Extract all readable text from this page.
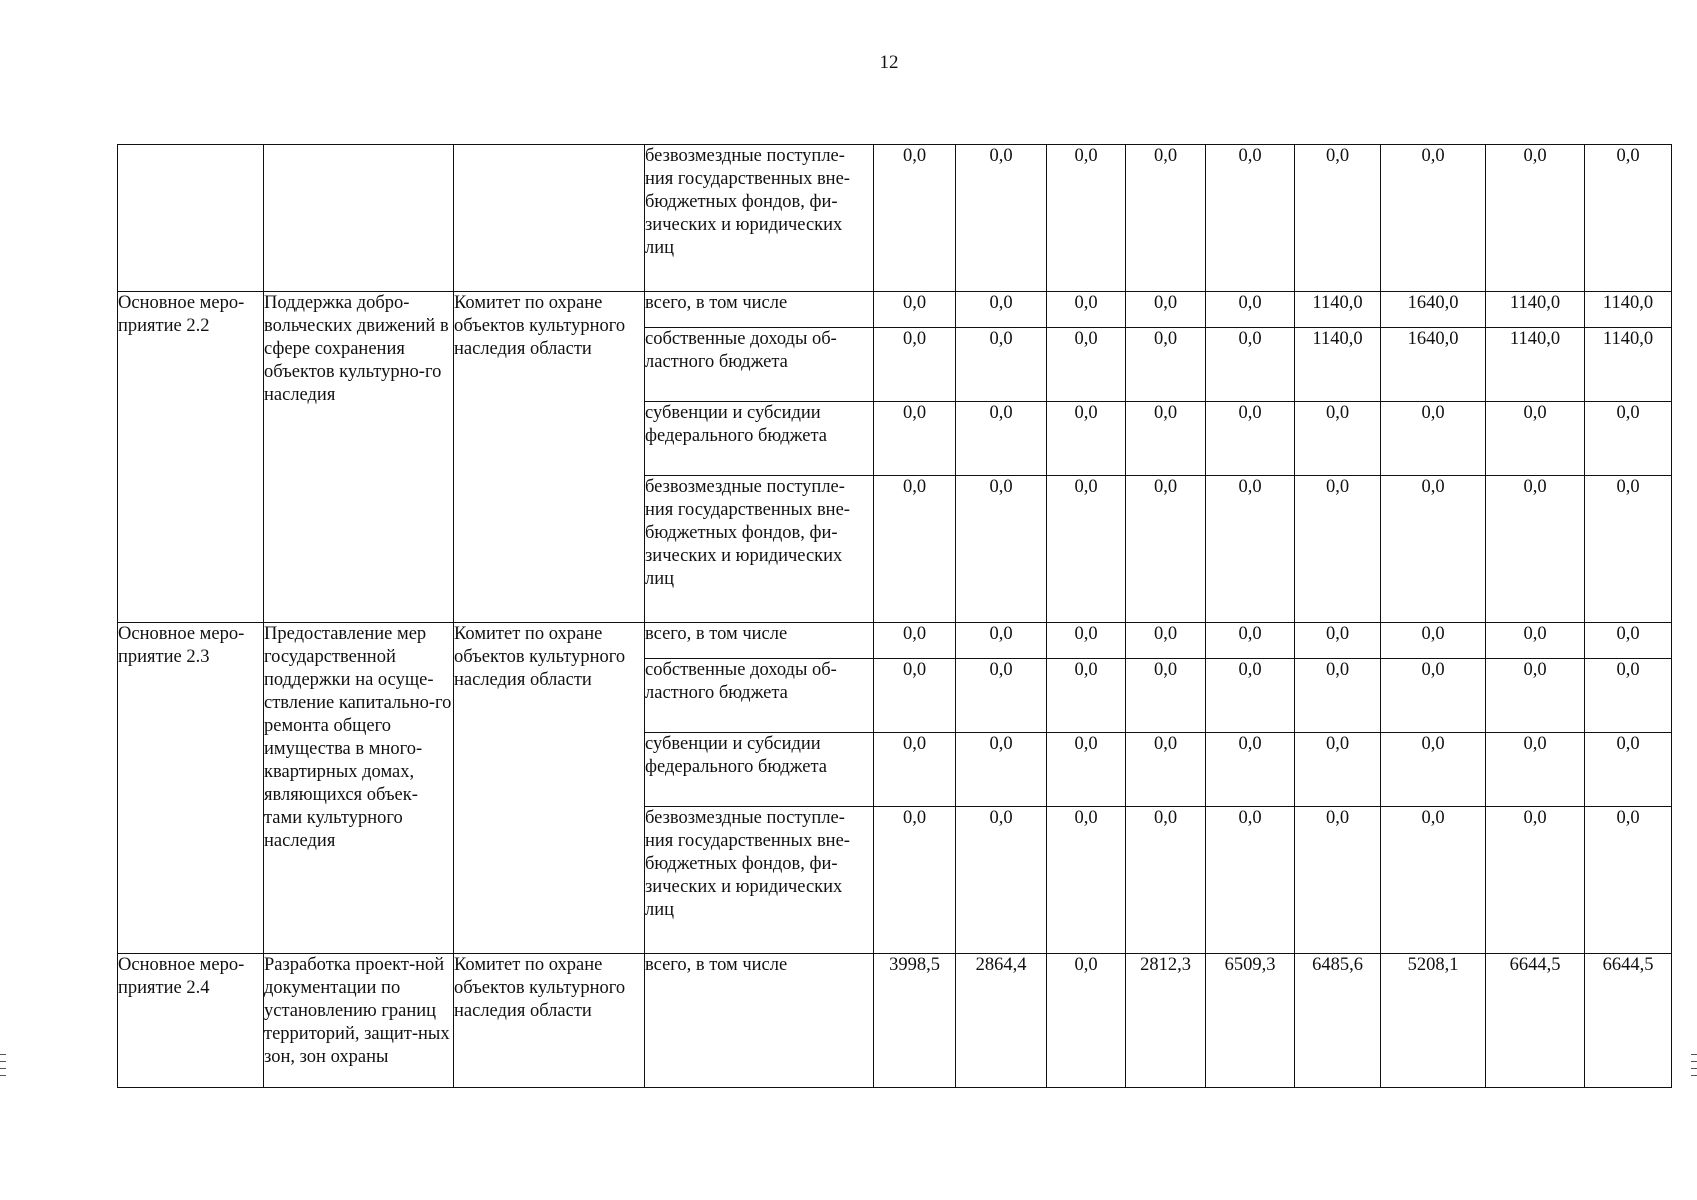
12
			безвозмездные поступле-ния государственных вне-бюджетных фондов, фи-зических и юридических лиц	0,0	0,0	0,0	0,0	0,0	0,0	0,0	0,0	0,0
Основное меро-приятие 2.2	Поддержка добро-вольческих движений в сфере сохранения объектов культурно-го наследия	Комитет по охране объектов культурного наследия области	всего, в том числе	0,0	0,0	0,0	0,0	0,0	1140,0	1640,0	1140,0	1140,0
			собственные доходы об-ластного бюджета	0,0	0,0	0,0	0,0	0,0	1140,0	1640,0	1140,0	1140,0
			субвенции и субсидии федерального бюджета	0,0	0,0	0,0	0,0	0,0	0,0	0,0	0,0	0,0
			безвозмездные поступле-ния государственных вне-бюджетных фондов, фи-зических и юридических лиц	0,0	0,0	0,0	0,0	0,0	0,0	0,0	0,0	0,0
Основное меро-приятие 2.3	Предоставление мер государственной поддержки на осуще-ствление капитально-го ремонта общего имущества в много-квартирных домах, являющихся объек-тами культурного наследия	Комитет по охране объектов культурного наследия области	всего, в том числе	0,0	0,0	0,0	0,0	0,0	0,0	0,0	0,0	0,0
			собственные доходы об-ластного бюджета	0,0	0,0	0,0	0,0	0,0	0,0	0,0	0,0	0,0
			субвенции и субсидии федерального бюджета	0,0	0,0	0,0	0,0	0,0	0,0	0,0	0,0	0,0
			безвозмездные поступле-ния государственных вне-бюджетных фондов, фи-зических и юридических лиц	0,0	0,0	0,0	0,0	0,0	0,0	0,0	0,0	0,0
Основное меро-приятие 2.4	Разработка проект-ной документации по установлению границ территорий, защит-ных зон, зон охраны	Комитет по охране объектов культурного наследия области	всего, в том числе	3998,5	2864,4	0,0	2812,3	6509,3	6485,6	5208,1	6644,5	6644,5
